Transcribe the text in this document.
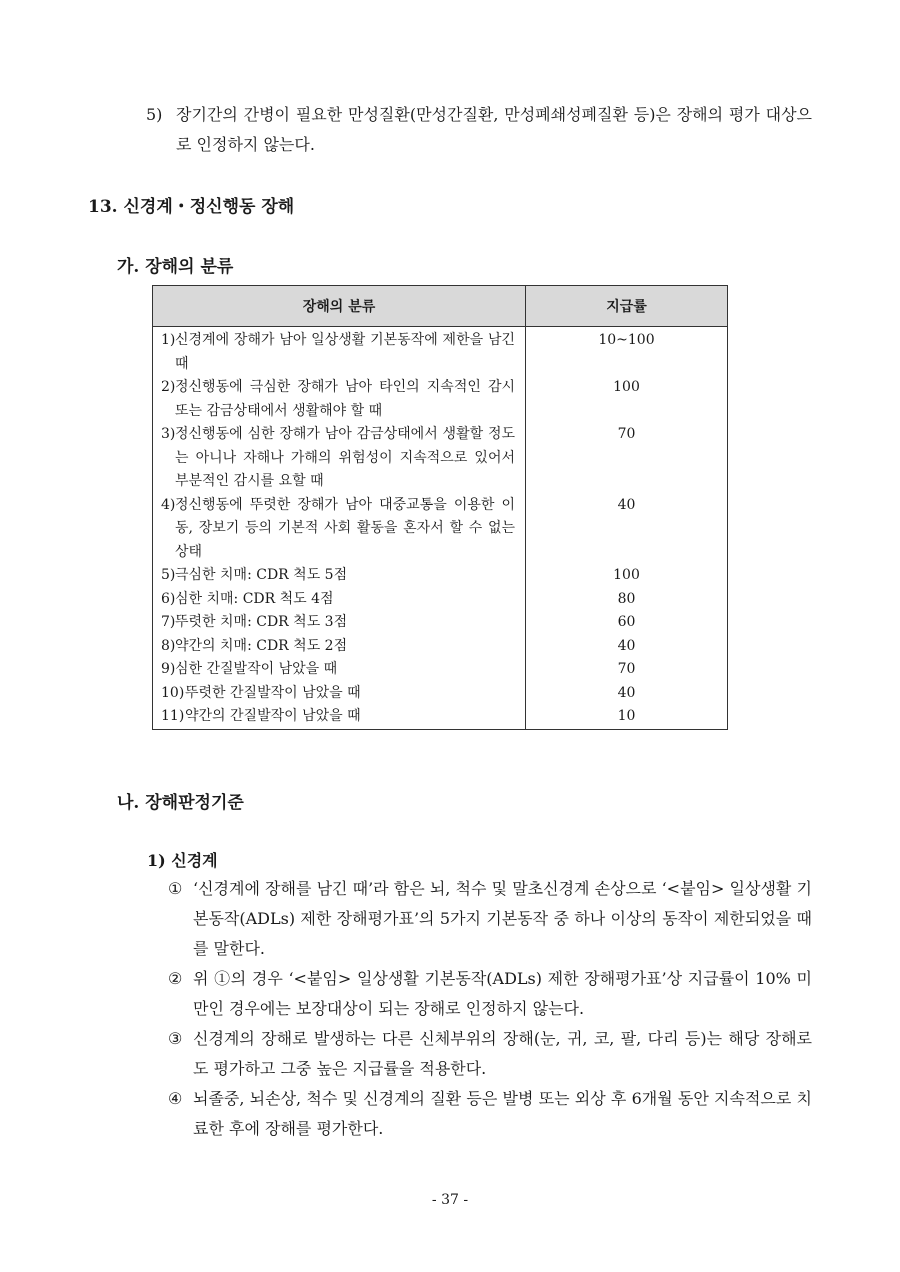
5) 장기간의 간병이 필요한 만성질환(만성간질환, 만성폐쇄성폐질환 등)은 장해의 평가 대상으로 인정하지 않는다.

13. 신경계・정신행동 장해
가. 장해의 분류
장해의 분류	지급률

1) 신경계에 장해가 남아 일상생활 기본동작에 제한을 남긴 때	10~100

2) 정신행동에 극심한 장해가 남아 타인의 지속적인 감시 또는 감금상태에서 생활해야 할 때	100

3) 정신행동에 심한 장해가 남아 감금상태에서 생활할 정도는 아니나 자해나 가해의 위험성이 지속적으로 있어서 부분적인 감시를 요할 때	70

4) 정신행동에 뚜렷한 장해가 남아 대중교통을 이용한 이동, 장보기 등의 기본적 사회 활동을 혼자서 할 수 없는 상태	40

5) 극심한 치매: CDR 척도 5점	100

6) 심한 치매: CDR 척도 4점	80

7) 뚜렷한 치매: CDR 척도 3점	60

8) 약간의 치매: CDR 척도 2점	40

9) 심한 간질발작이 남았을 때	70

10) 뚜렷한 간질발작이 남았을 때	40

11) 약간의 간질발작이 남았을 때	10
나. 장해판정기준
1) 신경계

① ‘신경계에 장해를 남긴 때’라 함은 뇌, 척수 및 말초신경계 손상으로 ‘<붙임> 일상생활 기본동작(ADLs) 제한 장해평가표’의 5가지 기본동작 중 하나 이상의 동작이 제한되었을 때를 말한다.

② 위 ①의 경우 ‘<붙임> 일상생활 기본동작(ADLs) 제한 장해평가표’상 지급률이 10% 미만인 경우에는 보장대상이 되는 장해로 인정하지 않는다.

③ 신경계의 장해로 발생하는 다른 신체부위의 장해(눈, 귀, 코, 팔, 다리 등)는 해당 장해로도 평가하고 그중 높은 지급률을 적용한다.

④ 뇌졸중, 뇌손상, 척수 및 신경계의 질환 등은 발병 또는 외상 후 6개월 동안 지속적으로 치료한 후에 장해를 평가한다.

- 37 -
